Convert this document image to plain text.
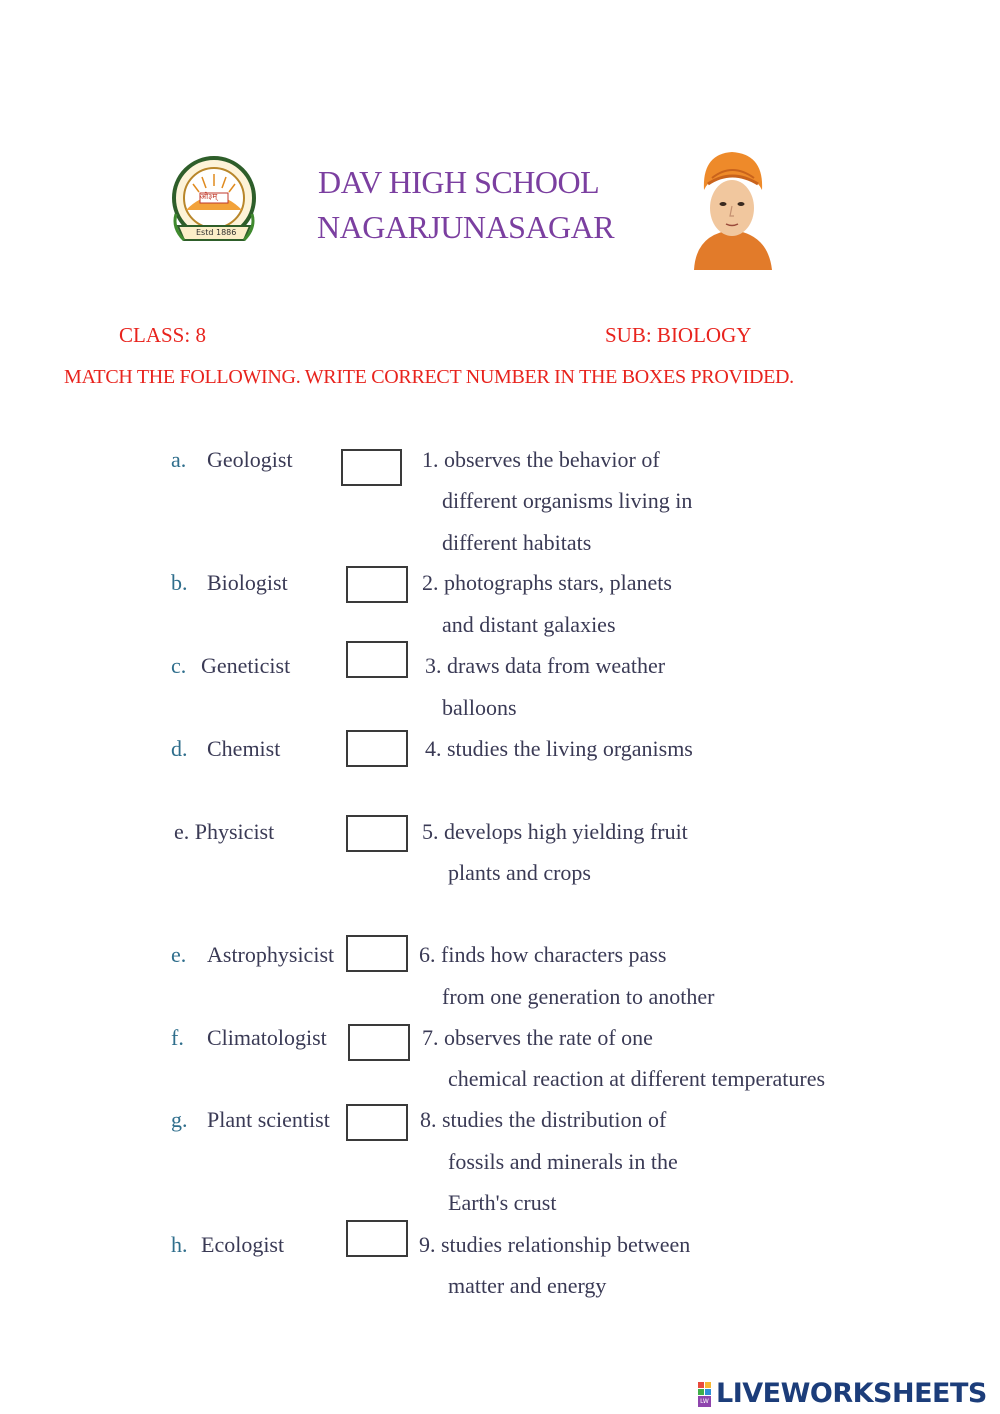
ओ३म्
Estd 1886
DAV HIGH SCHOOL
NAGARJUNASAGAR
CLASS: 8	SUB: BIOLOGY
MATCH THE FOLLOWING. WRITE CORRECT NUMBER IN THE BOXES PROVIDED.
a. Geologist
b. Biologist
c. Geneticist
d. Chemist
e. Physicist
e. Astrophysicist
f. Climatologist
g. Plant scientist
h. Ecologist
1. observes the behavior of
different organisms living in
different habitats
2. photographs stars, planets
and distant galaxies
3. draws data from weather
balloons
4. studies the living organisms
5. develops high yielding fruit
plants and crops
6. finds how characters pass
from one generation to another
7. observes the rate of one
chemical reaction at different temperatures
8. studies the distribution of
fossils and minerals in the
Earth's crust
9. studies relationship between
matter and energy
LW LIVEWORKSHEETS
